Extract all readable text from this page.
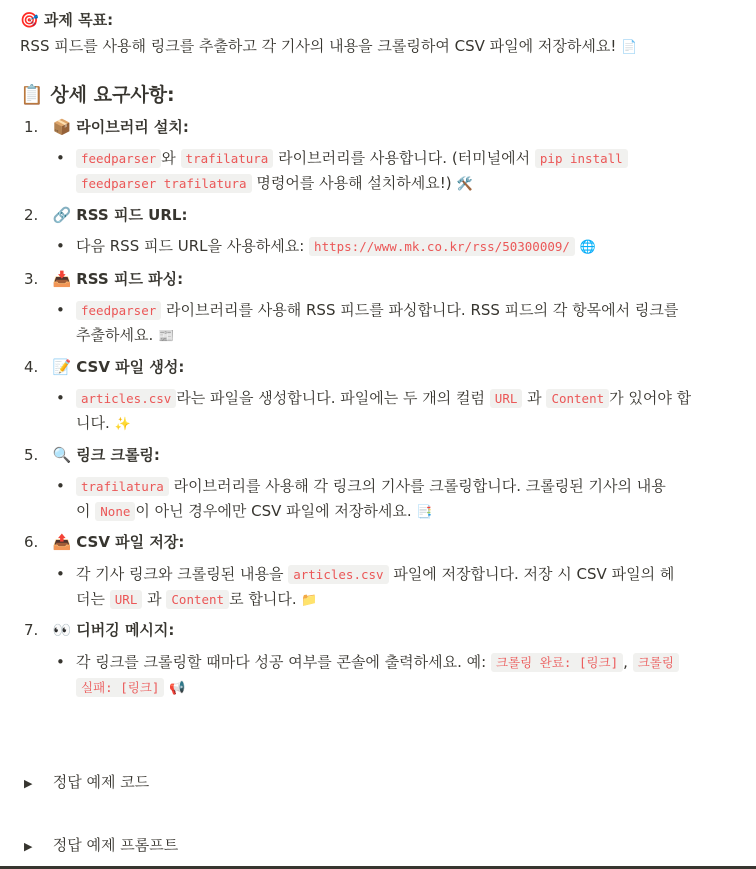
🎯 과제 목표:
RSS 피드를 사용해 링크를 추출하고 각 기사의 내용을 크롤링하여 CSV 파일에 저장하세요! 📄
📋 상세 요구사항:
1. 📦 라이브러리 설치:
•	feedparser 와 trafilatura 라이브러리를 사용합니다. (터미널에서 pip install
feedparser trafilatura 명령어를 사용해 설치하세요!) 🛠️
2. 🔗 RSS 피드 URL:
• 다음 RSS 피드 URL을 사용하세요: https://www.mk.co.kr/rss/50300009/ 🌐
3. 📥 RSS 피드 파싱:
•	feedparser 라이브러리를 사용해 RSS 피드를 파싱합니다. RSS 피드의 각 항목에서 링크를
추출하세요. 📰
4. 📝 CSV 파일 생성:
•	articles.csv 라는 파일을 생성합니다. 파일에는 두 개의 컬럼 URL 과 Content 가 있어야 합
니다. ✨
5. 🔍 링크 크롤링:
•	trafilatura 라이브러리를 사용해 각 링크의 기사를 크롤링합니다. 크롤링된 기사의 내용
이 None 이 아닌 경우에만 CSV 파일에 저장하세요. 📑
6. 📤 CSV 파일 저장:
• 각 기사 링크와 크롤링된 내용을 articles.csv 파일에 저장합니다. 저장 시 CSV 파일의 헤
더는 URL 과 Content 로 합니다. 📁
7. 👀 디버깅 메시지:
• 각 링크를 크롤링할 때마다 성공 여부를 콘솔에 출력하세요. 예: 크롤링 완료: [링크] , 크롤링
실패: [링크] 📢
▶ 정답 예제 코드
▶ 정답 예제 프롬프트
